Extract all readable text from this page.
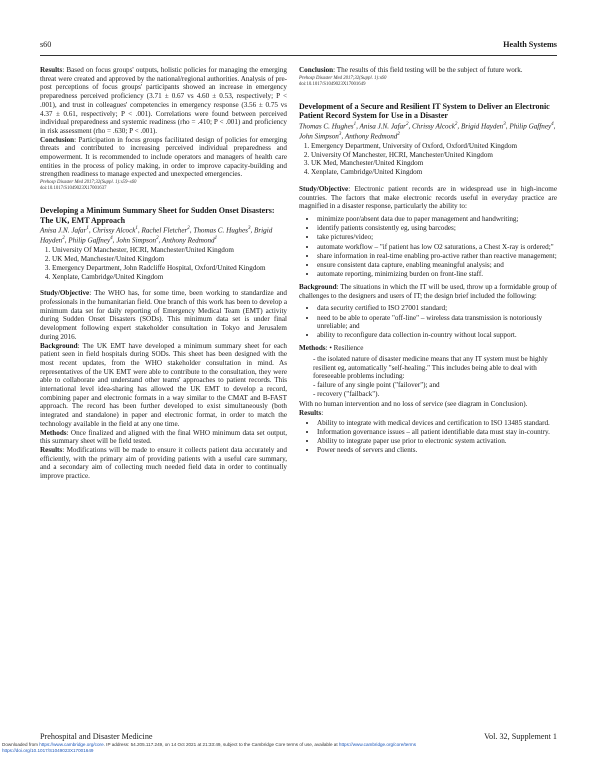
s60	Health Systems

Results: Based on focus groups' outputs, holistic policies for managing the emerging threat were created and approved by the national/regional authorities. Analysis of pre-post perceptions of focus groups' participants showed an increase in emergency preparedness perceived proficiency (3.71 ± 0.67 vs 4.60 ± 0.53, respectively; P < .001), and trust in colleagues' competencies in emergency response (3.56 ± 0.75 vs 4.37 ± 0.61, respectively; P < .001). Correlations were found between perceived individual preparedness and systemic readiness (rho = .410; P < .001) and proficiency in risk assessment (rho = .630; P < .001).

Conclusion: Participation in focus groups facilitated design of policies for emerging threats and contributed to increasing perceived individual preparedness and empowerment. It is recommended to include operators and managers of health care entities in the process of policy making, in order to improve capacity-building and strengthen readiness to manage expected and unexpected emergencies.

Prehosp Disaster Med 2017;32(Suppl. 1):s59–s60

doi:10.1017/S1049023X17001637

Developing a Minimum Summary Sheet for Sudden Onset Disasters: The UK, EMT Approach

Anisa J.N. Jafar$^1$, Chrissy Alcock$^1$, Rachel Fletcher$^2$, Thomas C. Hughes$^3$, Brigid Hayden$^2$, Philip Gaffney$^4$, John Simpson$^2$, Anthony Redmond$^1$

1. University Of Manchester, HCRI, Manchester/United Kingdom
2. UK Med, Manchester/United Kingdom
3. Emergency Department, John Radcliffe Hospital, Oxford/United Kingdom
4. Xenplate, Cambridge/United Kingdom

Study/Objective: The WHO has, for some time, been working to standardize and professionals in the humanitarian field. One branch of this work has been to develop a minimum data set for daily reporting of Emergency Medical Team (EMT) activity during Sudden Onset Disasters (SODs). This minimum data set is under final development following expert stakeholder consultation in Tokyo and Jerusalem during 2016.

Background: The UK EMT have developed a minimum summary sheet for each patient seen in field hospitals during SODs. This sheet has been designed with the most recent updates, from the WHO stakeholder consultation in mind. As representatives of the UK EMT were able to contribute to the consultation, they were able to collaborate and understand other teams' approaches to patient records. This international level idea-sharing has allowed the UK EMT to develop a record, combining paper and electronic formats in a way similar to the CMAT and B-FAST approach. The record has been further developed to exist simultaneously (both integrated and standalone) in paper and electronic format, in order to match the technology available in the field at any one time.

Methods: Once finalized and aligned with the final WHO minimum data set output, this summary sheet will be field tested.

Results: Modifications will be made to ensure it collects patient data accurately and efficiently, with the primary aim of providing patients with a useful care summary, and a secondary aim of collecting much needed field data in order to continually improve practice.

Conclusion: The results of this field testing will be the subject of future work.

Prehosp Disaster Med 2017;32(Suppl. 1):s60

doi:10.1017/S1049023X17001649

Development of a Secure and Resilient IT System to Deliver an Electronic Patient Record System for Use in a Disaster

Thomas C. Hughes$^1$, Anisa J.N. Jafar$^2$, Chrissy Alcock$^2$, Brigid Hayden$^3$, Philip Gaffney$^4$, John Simpson$^3$, Anthony Redmond$^2$

1. Emergency Department, University of Oxford, Oxford/United Kingdom
2. University Of Manchester, HCRI, Manchester/United Kingdom
3. UK Med, Manchester/United Kingdom
4. Xenplate, Cambridge/United Kingdom

Study/Objective: Electronic patient records are in widespread use in high-income countries. The factors that make electronic records useful in everyday practice are magnified in a disaster response, particularly the ability to:

• minimize poor/absent data due to paper management and handwriting;
• identify patients consistently eg, using barcodes;
• take pictures/video;
• automate workflow – "if patient has low O2 saturations, a Chest X-ray is ordered;"
• share information in real-time enabling pro-active rather than reactive management;
• ensure consistent data capture, enabling meaningful analysis; and
• automate reporting, minimizing burden on front-line staff.

Background: The situations in which the IT will be used, throw up a formidable group of challenges to the designers and users of IT; the design brief included the following:

• data security certified to ISO 27001 standard;
• need to be able to operate "off-line" – wireless data transmission is notoriously unreliable; and
• ability to reconfigure data collection in-country without local support.

Methods: • Resilience

- the isolated nature of disaster medicine means that any IT system must be highly resilient eg, automatically "self-healing." This includes being able to deal with foreseeable problems including:
- failure of any single point ("failover"); and
- recovery ("failback").

With no human intervention and no loss of service (see diagram in Conclusion).

Results:

• Ability to integrate with medical devices and certification to ISO 13485 standard.
• Information governance issues – all patient identifiable data must stay in-country.
• Ability to integrate paper use prior to electronic system activation.
• Power needs of servers and clients.
Prehospital and Disaster Medicine	Vol. 32, Supplement 1
Downloaded from https://www.cambridge.org/core. IP address: 54.205.117.249, on 14 Oct 2021 at 21:33:49, subject to the Cambridge Core terms of use, available at https://www.cambridge.org/core/terms
https://doi.org/10.1017/S1049023X17001649
